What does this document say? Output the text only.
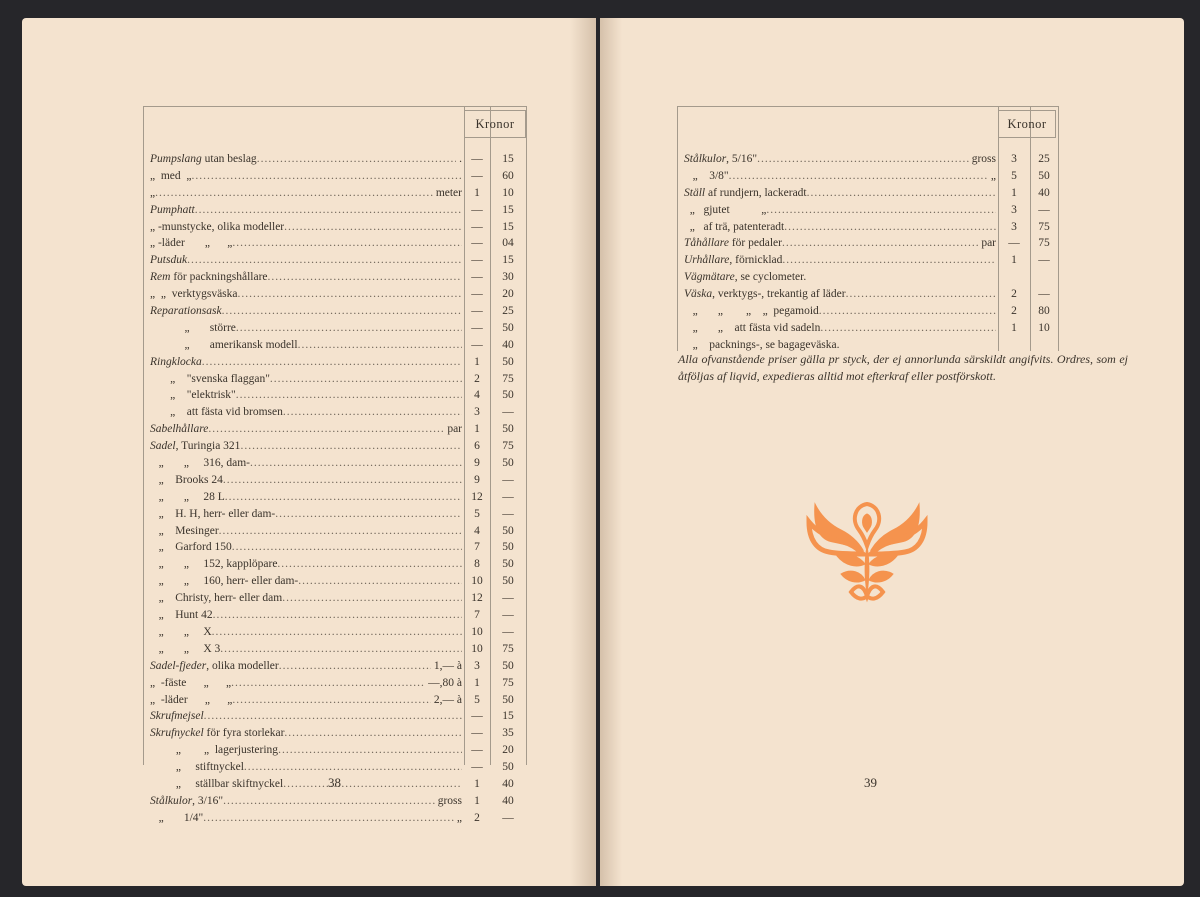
Kronor
Pumpslang utan beslag .....	. —	15
„  med  „ .....	—	60
„ .....	meter	1	10
Pumphatt .....	—	15
„ -munstycke, olika modeller .....	—	15
„ -läder       „      „ .....	—	04
Putsduk .....	—	15
Rem för packningshållare .....	—	30
„  „  verktygsväska .....	—	20
Reparationsask .....	—	25
„       större .....	—	50
„       amerikansk modell .....	—	40
Ringklocka .....	1	50
„    "svenska flaggan" .....	2	75
„    "elektrisk" .....	4	50
„    att fästa vid bromsen .....	3	—
Sabelhållare .....	par	1	50
Sadel , Turingia 321 .....	6	75
„       „     316, dam- .....	9	50
„    Brooks 24 .....	9	—
„       „     28 L .....	12	—
„    H. H, herr- eller dam- .....	5	—
„    Mesinger .....	4	50
„    Garford 150 .....	7	50
„       „     152, kapplöpare .....	8	50
„       „     160, herr- eller dam- .....	10	50
„    Christy, herr- eller dam .....	12	—
„    Hunt 42 .....	7	—
„       „     X .....	10	—
„       „     X 3 .....	10	75
Sadel-fjeder , olika modeller .....	1,— à	3	50
„  -fäste      „      „ .....	—,80 à	1	75
„  -läder      „      „ .....	2,— à	5	50
Skrufmejsel .....	—	15
Skrufnyckel för fyra storlekar .....	—	35
„        „  lagerjustering .....	—	20
„     stiftnyckel .....	—	50
„     ställbar skiftnyckel .....	1	40
Stålkulor , 3/16" .....	gross	1	40
„       1/4" .....	„	2	—
38
Kronor
Stålkulor , 5/16" .....	gross	3	25
„    3/8" .....	„	5	50
Ställ af rundjern, lackeradt .....	1	40
„   gjutet           „ .....	3	—
„   af trä, patenteradt .....	3	75
Tåhållare för pedaler .....	par	—	75
Urhållare , förnicklad .....	1	—
Vägmätare , se cyclometer.
Väska , verktygs-, trekantig af läder .....	2	—
„       „        „    „  pegamoid .....	2	80
„       „    att fästa vid sadeln .....	1	10
„    packnings-, se bagageväska.
Alla ofvanstående priser gälla pr styck, der ej annorlunda särskildt angifvits. Ordres, som ej åtföljas af liqvid, expedieras alltid mot efterkraf eller postförskott.
39
